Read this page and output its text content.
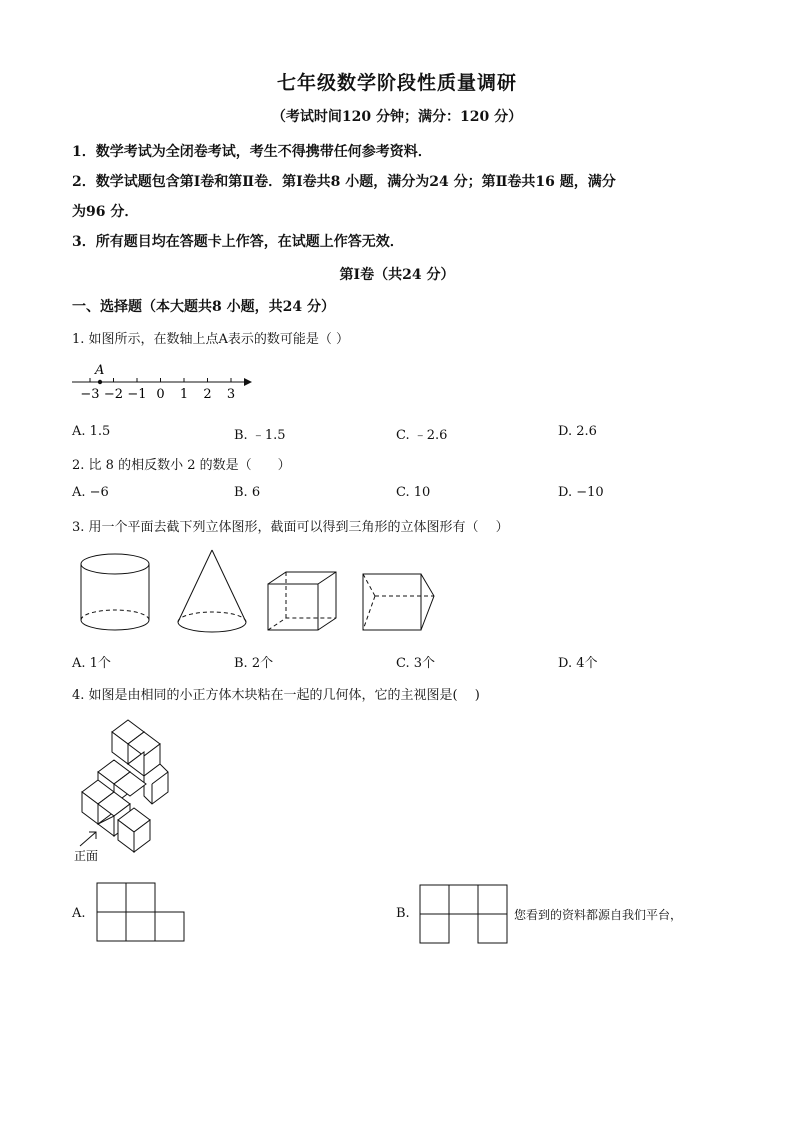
七年级数学阶段性质量调研
（考试时间120 分钟；满分：120 分）
1．数学考试为全闭卷考试，考生不得携带任何参考资料．
2．数学试题包含第Ⅰ卷和第Ⅱ卷．第Ⅰ卷共8 小题，满分为24 分；第Ⅱ卷共16 题，满分
为96 分．
3．所有题目均在答题卡上作答，在试题上作答无效．
第Ⅰ卷（共24 分）
一、选择题（本大题共8 小题，共24 分）
1. 如图所示，在数轴上点A表示的数可能是（ ）
A
−3 −2 −1 0 1 2 3
A. 1.5	B. ﹣1.5	C. ﹣2.6	D. 2.6
2. 比 8 的相反数小 2 的数是（　　）
A. −6	B. 6	C. 10	D. −10
3. 用一个平面去截下列立体图形，截面可以得到三角形的立体图形有（　 ）
A. 1个	B. 2个	C. 3个	D. 4个
4. 如图是由相同的小正方体木块粘在一起的几何体，它的主视图是(　 )
正面
A.	B.	您看到的资料都源自我们平台，
